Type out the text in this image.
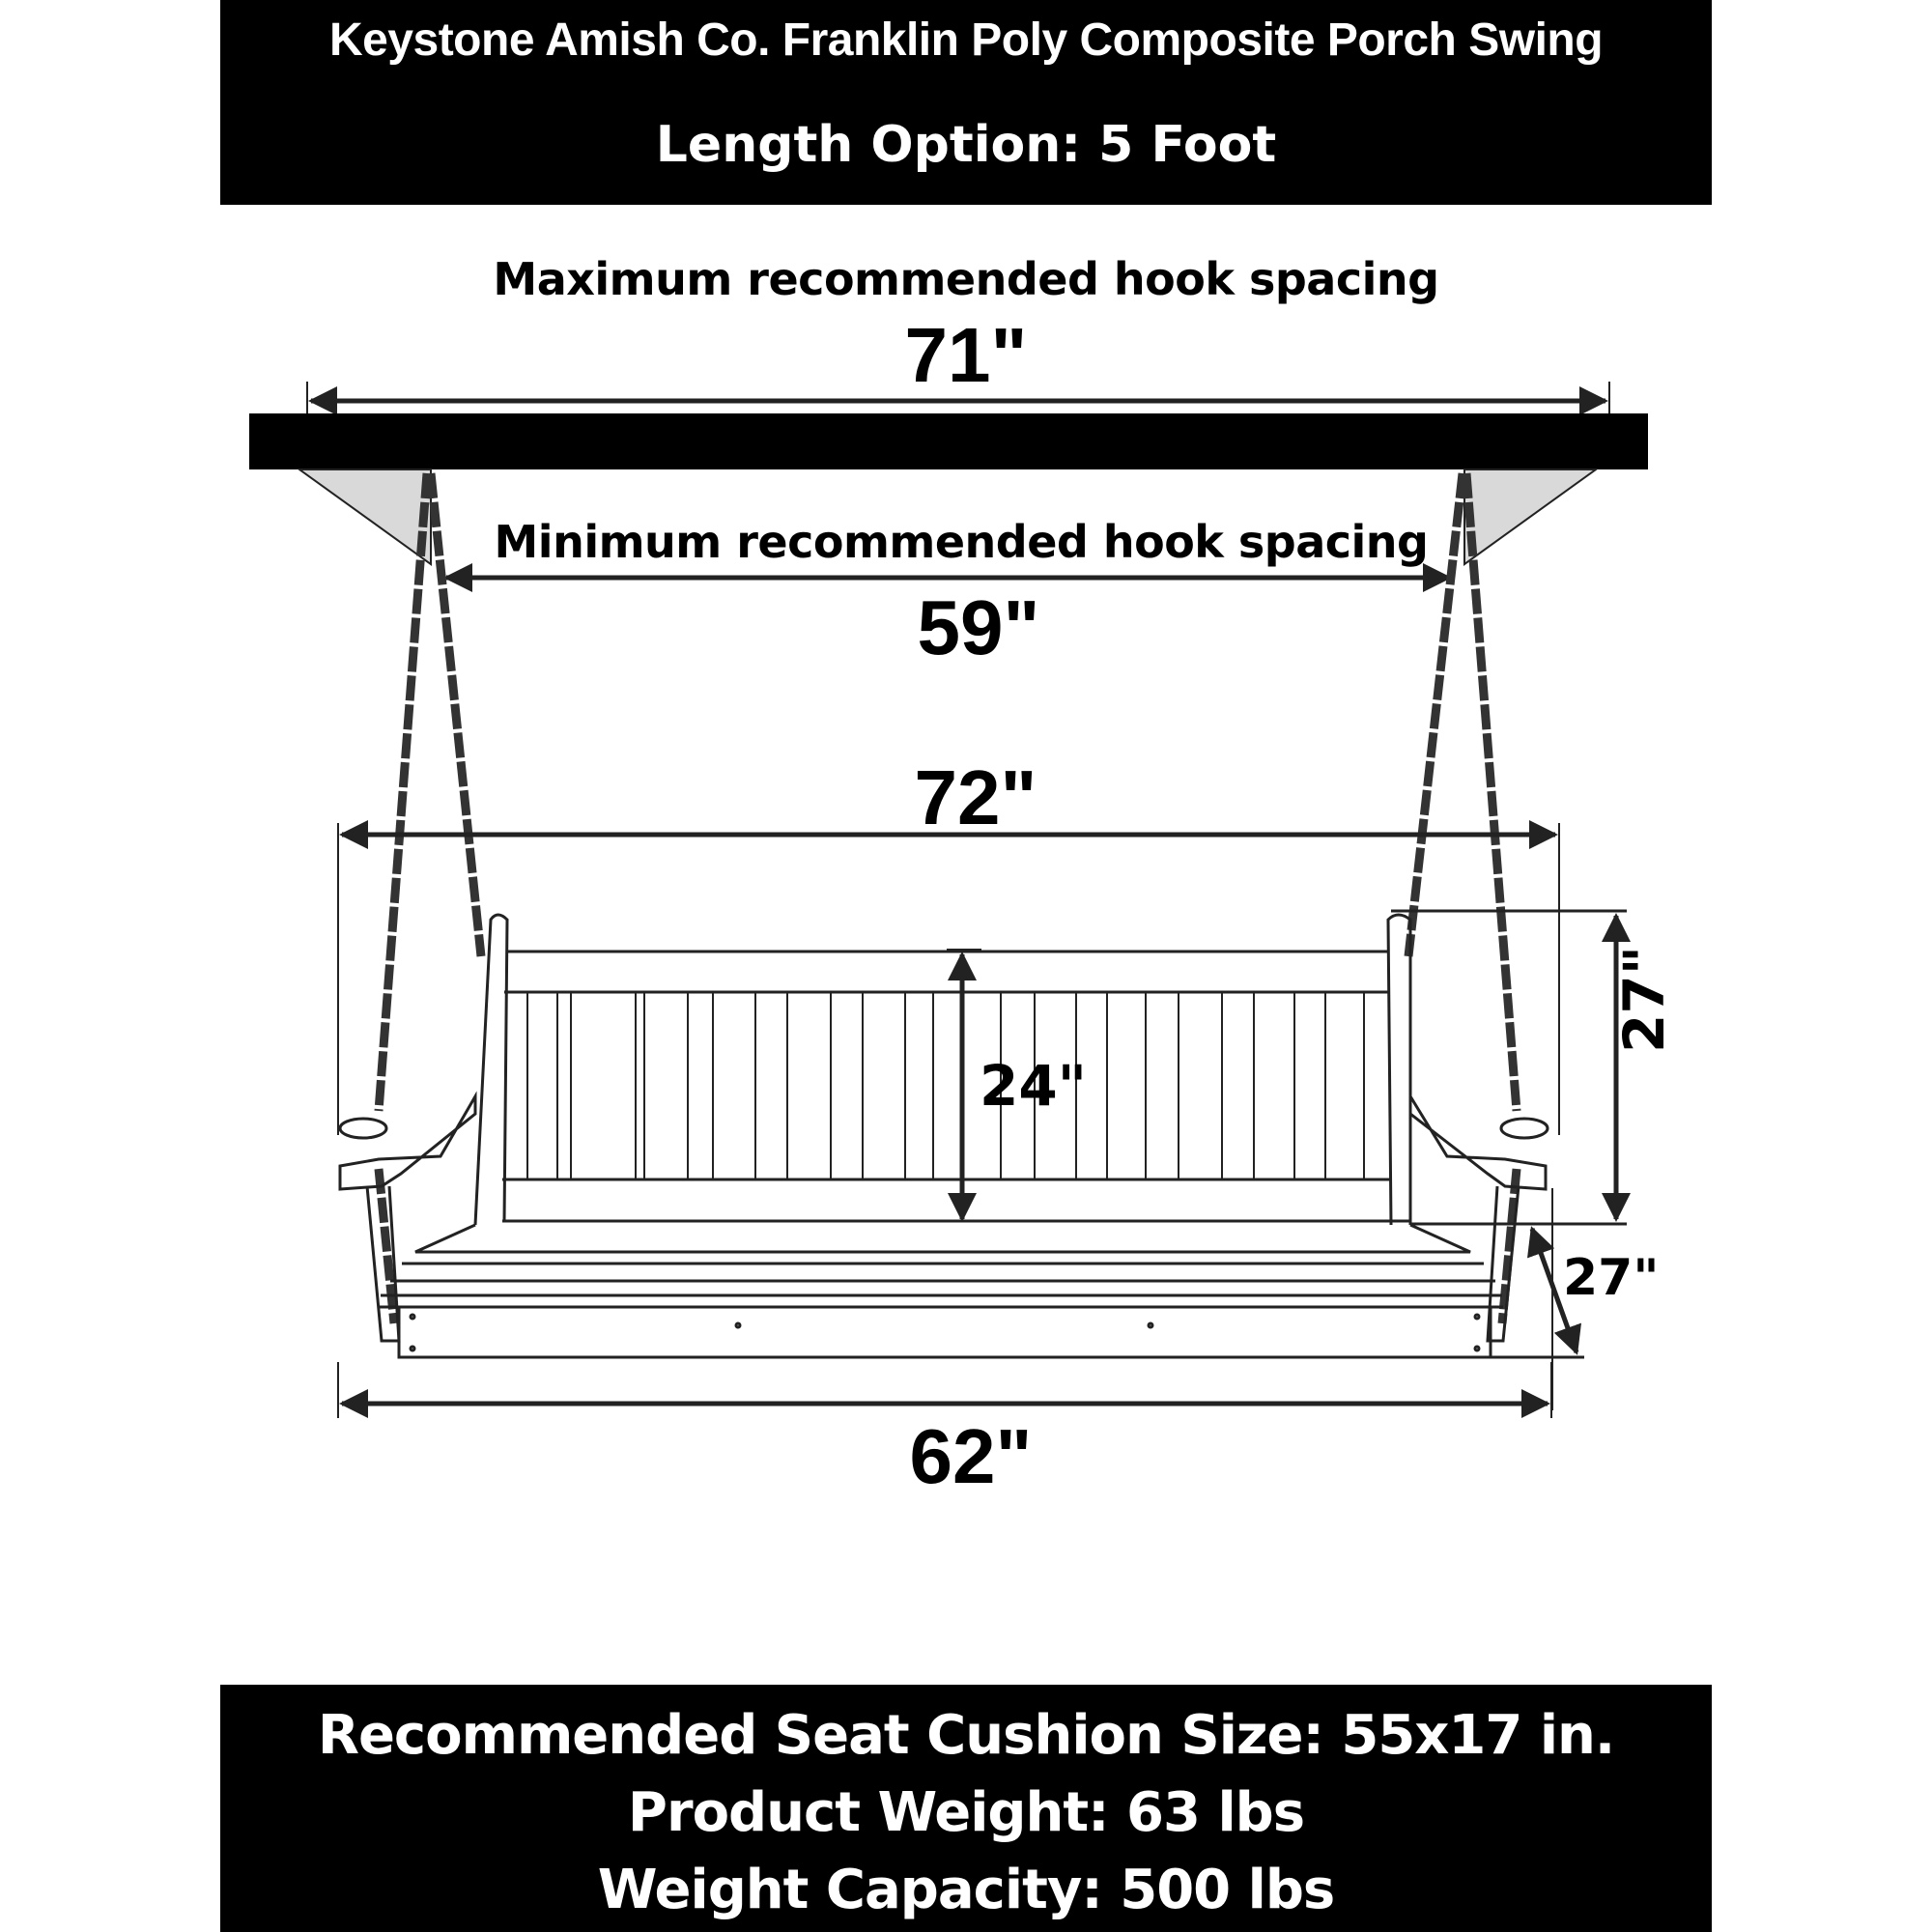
Keystone Amish Co. Franklin Poly Composite Porch Swing
Length Option: 5 Foot
Maximum recommended hook spacing
71"
Minimum recommended hook spacing
59"
72"
24"
27"
27"
62"
Recommended Seat Cushion Size: 55x17 in.
Product Weight: 63 lbs
Weight Capacity: 500 lbs
